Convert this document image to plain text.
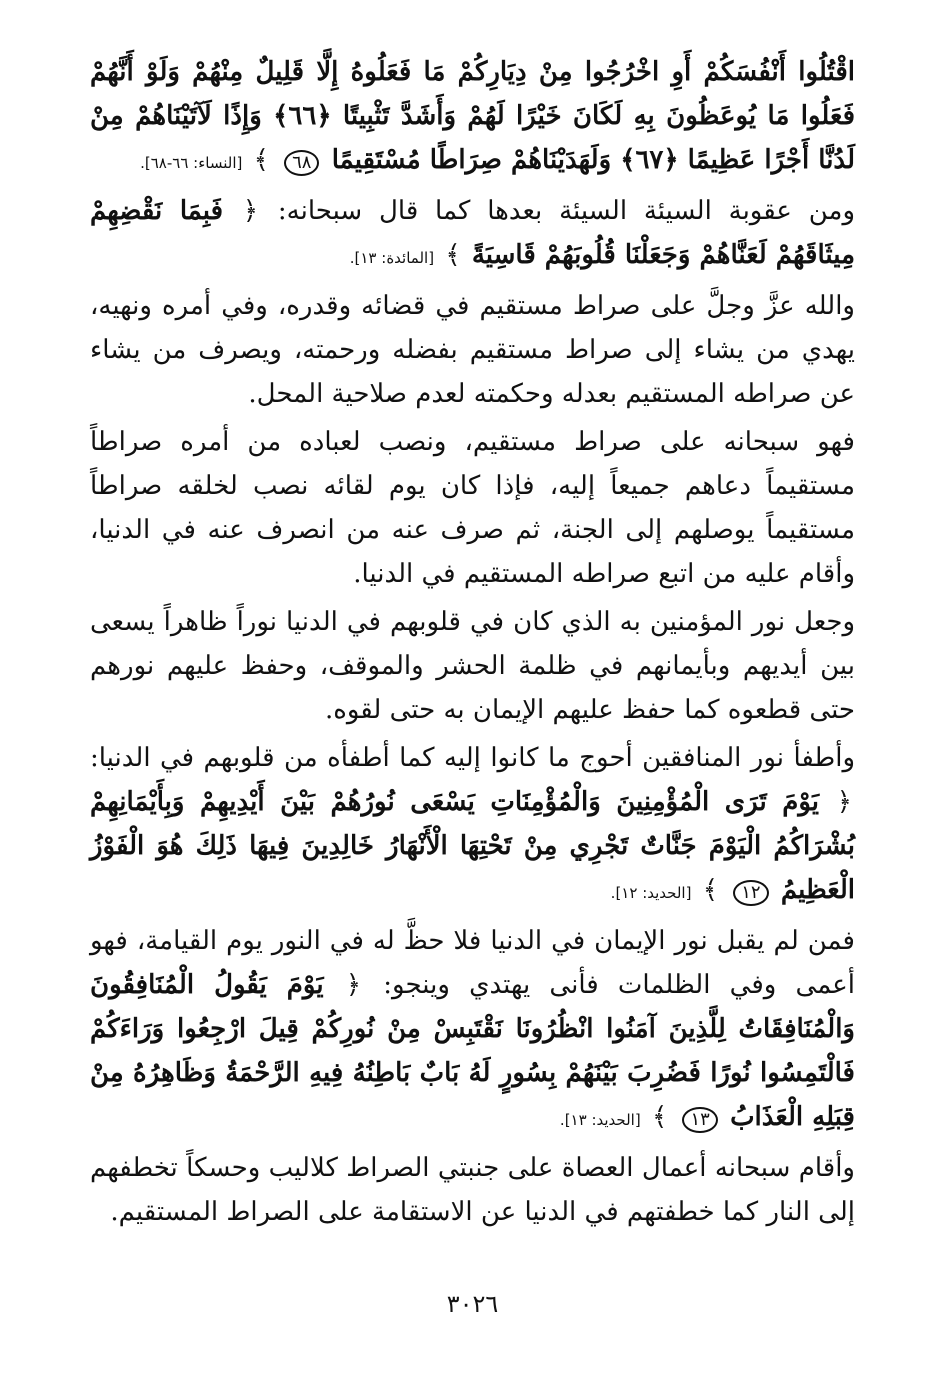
اقْتُلُوا أَنْفُسَكُمْ أَوِ اخْرُجُوا مِنْ دِيَارِكُمْ مَا فَعَلُوهُ إِلَّا قَلِيلٌ مِنْهُمْ وَلَوْ أَنَّهُمْ فَعَلُوا مَا يُوعَظُونَ بِهِ لَكَانَ خَيْرًا لَهُمْ وَأَشَدَّ تَثْبِيتًا ﴿٦٦﴾ وَإِذًا لَآتَيْنَاهُمْ مِنْ لَدُنَّا أَجْرًا عَظِيمًا ﴿٦٧﴾ وَلَهَدَيْنَاهُمْ صِرَاطًا مُسْتَقِيمًا ٦٨ ﴾ [النساء: ٦٦-٦٨].

ومن عقوبة السيئة السيئة بعدها كما قال سبحانه: ﴿ فَبِمَا نَقْضِهِمْ مِيثَاقَهُمْ لَعَنَّاهُمْ وَجَعَلْنَا قُلُوبَهُمْ قَاسِيَةً ﴾ [المائدة: ١٣].

والله عزَّ وجلَّ على صراط مستقيم في قضائه وقدره، وفي أمره ونهيه، يهدي من يشاء إلى صراط مستقيم بفضله ورحمته، ويصرف من يشاء عن صراطه المستقيم بعدله وحكمته لعدم صلاحية المحل.

فهو سبحانه على صراط مستقيم، ونصب لعباده من أمره صراطاً مستقيماً دعاهم جميعاً إليه، فإذا كان يوم لقائه نصب لخلقه صراطاً مستقيماً يوصلهم إلى الجنة، ثم صرف عنه من انصرف عنه في الدنيا، وأقام عليه من اتبع صراطه المستقيم في الدنيا.

وجعل نور المؤمنين به الذي كان في قلوبهم في الدنيا نوراً ظاهراً يسعى بين أيديهم وبأيمانهم في ظلمة الحشر والموقف، وحفظ عليهم نورهم حتى قطعوه كما حفظ عليهم الإيمان به حتى لقوه.

وأطفأ نور المنافقين أحوج ما كانوا إليه كما أطفأه من قلوبهم في الدنيا: ﴿ يَوْمَ تَرَى الْمُؤْمِنِينَ وَالْمُؤْمِنَاتِ يَسْعَى نُورُهُمْ بَيْنَ أَيْدِيهِمْ وَبِأَيْمَانِهِمْ بُشْرَاكُمُ الْيَوْمَ جَنَّاتٌ تَجْرِي مِنْ تَحْتِهَا الْأَنْهَارُ خَالِدِينَ فِيهَا ذَلِكَ هُوَ الْفَوْزُ الْعَظِيمُ ١٢ ﴾ [الحديد: ١٢].

فمن لم يقبل نور الإيمان في الدنيا فلا حظَّ له في النور يوم القيامة، فهو أعمى وفي الظلمات فأنى يهتدي وينجو: ﴿ يَوْمَ يَقُولُ الْمُنَافِقُونَ وَالْمُنَافِقَاتُ لِلَّذِينَ آمَنُوا انْظُرُونَا نَقْتَبِسْ مِنْ نُورِكُمْ قِيلَ ارْجِعُوا وَرَاءَكُمْ فَالْتَمِسُوا نُورًا فَضُرِبَ بَيْنَهُمْ بِسُورٍ لَهُ بَابٌ بَاطِنُهُ فِيهِ الرَّحْمَةُ وَظَاهِرُهُ مِنْ قِبَلِهِ الْعَذَابُ ١٣ ﴾ [الحديد: ١٣].

وأقام سبحانه أعمال العصاة على جنبتي الصراط كلاليب وحسكاً تخطفهم إلى النار كما خطفتهم في الدنيا عن الاستقامة على الصراط المستقيم.

٣٠٢٦
